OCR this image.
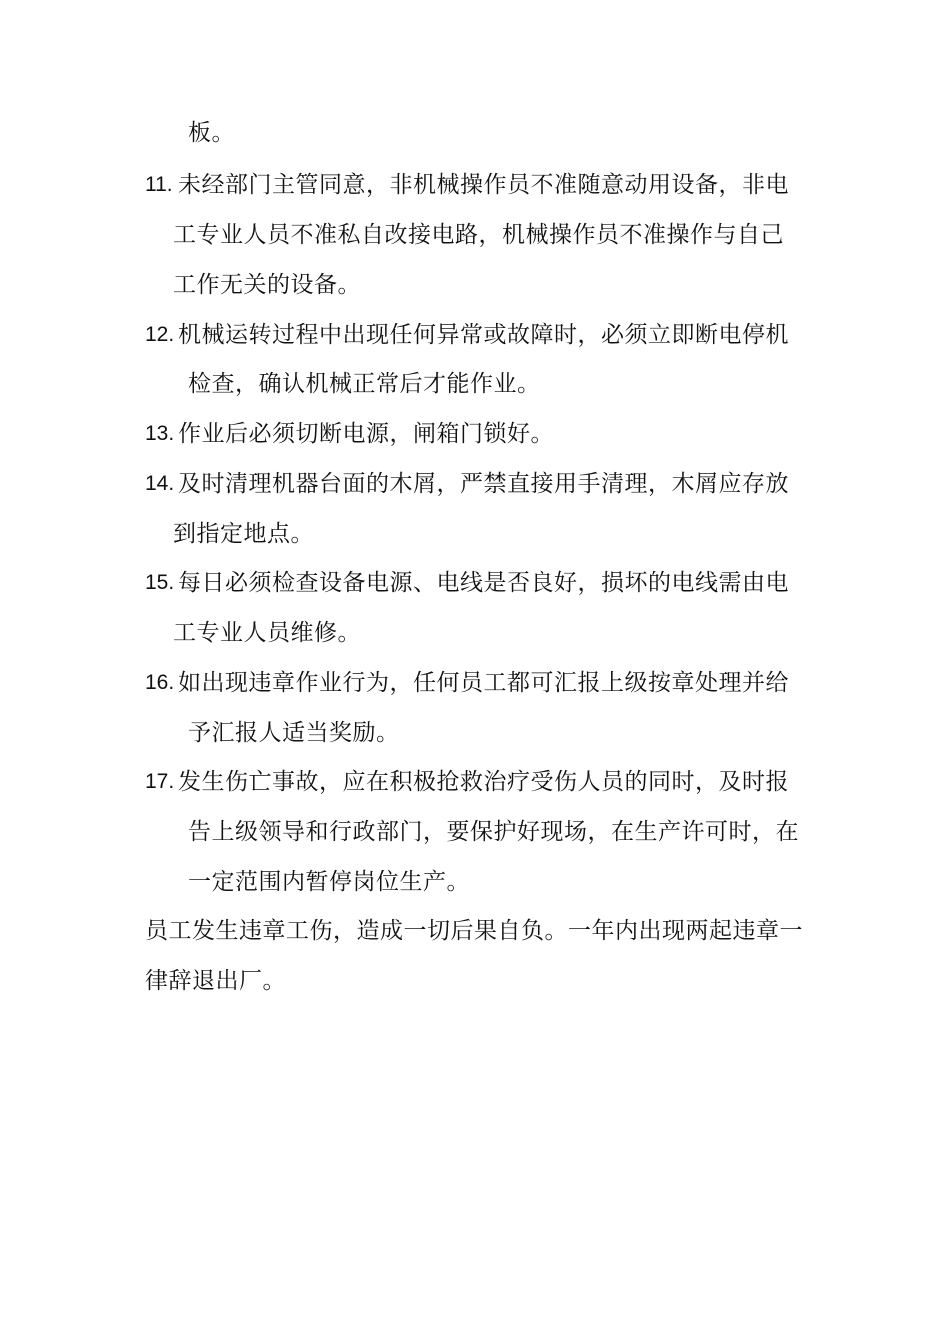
板。
11. 未经部门主管同意，非机械操作员不准随意动用设备，非电
工专业人员不准私自改接电路，机械操作员不准操作与自己
工作无关的设备。
12. 机械运转过程中出现任何异常或故障时，必须立即断电停机
检查，确认机械正常后才能作业。
13. 作业后必须切断电源，闸箱门锁好。
14. 及时清理机器台面的木屑，严禁直接用手清理，木屑应存放
到指定地点。
15. 每日必须检查设备电源、电线是否良好，损坏的电线需由电
工专业人员维修。
16. 如出现违章作业行为，任何员工都可汇报上级按章处理并给
予汇报人适当奖励。
17. 发生伤亡事故，应在积极抢救治疗受伤人员的同时，及时报
告上级领导和行政部门，要保护好现场，在生产许可时，在
一定范围内暂停岗位生产。
员工发生违章工伤，造成一切后果自负。一年内出现两起违章一
律辞退出厂。
